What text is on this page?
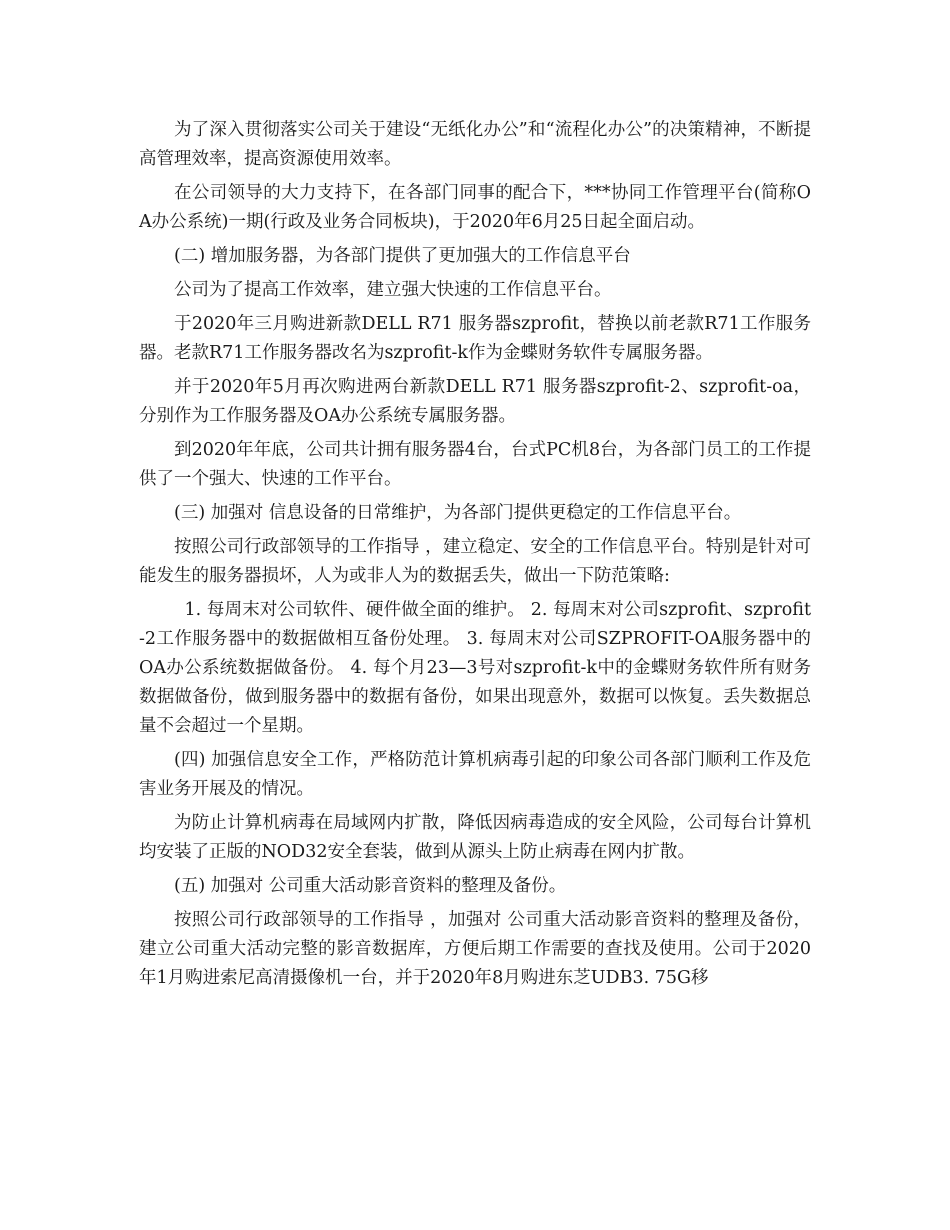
为了深入贯彻落实公司关于建设“无纸化办公”和“流程化办公”的决策精神，不断提高管理效率，提高资源使用效率。

在公司领导的大力支持下，在各部门同事的配合下，***协同工作管理平台(简称OA办公系统)一期(行政及业务合同板块)，于2020年6月25日起全面启动。

(二) 增加服务器，为各部门提供了更加强大的工作信息平台

公司为了提高工作效率，建立强大快速的工作信息平台。

于2020年三月购进新款DELL R71 服务器szprofit，替换以前老款R71工作服务器。老款R71工作服务器改名为szprofit-k作为金蝶财务软件专属服务器。

并于2020年5月再次购进两台新款DELL R71 服务器szprofit-2、szprofit-oa，分别作为工作服务器及OA办公系统专属服务器。

到2020年年底，公司共计拥有服务器4台，台式PC机8台，为各部门员工的工作提供了一个强大、快速的工作平台。

(三) 加强对 信息设备的日常维护，为各部门提供更稳定的工作信息平台。

按照公司行政部领导的工作指导 ，建立稳定、安全的工作信息平台。特别是针对可能发生的服务器损坏，人为或非人为的数据丢失，做出一下防范策略:

1. 每周末对公司软件、硬件做全面的维护。 2. 每周末对公司szprofit、szprofit-2工作服务器中的数据做相互备份处理。 3. 每周末对公司SZPROFIT-OA服务器中的OA办公系统数据做备份。 4. 每个月23—3号对szprofit-k中的金蝶财务软件所有财务数据做备份，做到服务器中的数据有备份，如果出现意外，数据可以恢复。丢失数据总量不会超过一个星期。

(四) 加强信息安全工作，严格防范计算机病毒引起的印象公司各部门顺利工作及危害业务开展及的情况。

为防止计算机病毒在局域网内扩散，降低因病毒造成的安全风险，公司每台计算机均安装了正版的NOD32安全套装，做到从源头上防止病毒在网内扩散。

(五) 加强对 公司重大活动影音资料的整理及备份。

按照公司行政部领导的工作指导 ，加强对 公司重大活动影音资料的整理及备份，建立公司重大活动完整的影音数据库，方便后期工作需要的查找及使用。公司于2020年1月购进索尼高清摄像机一台，并于2020年8月购进东芝UDB3. 75G移
